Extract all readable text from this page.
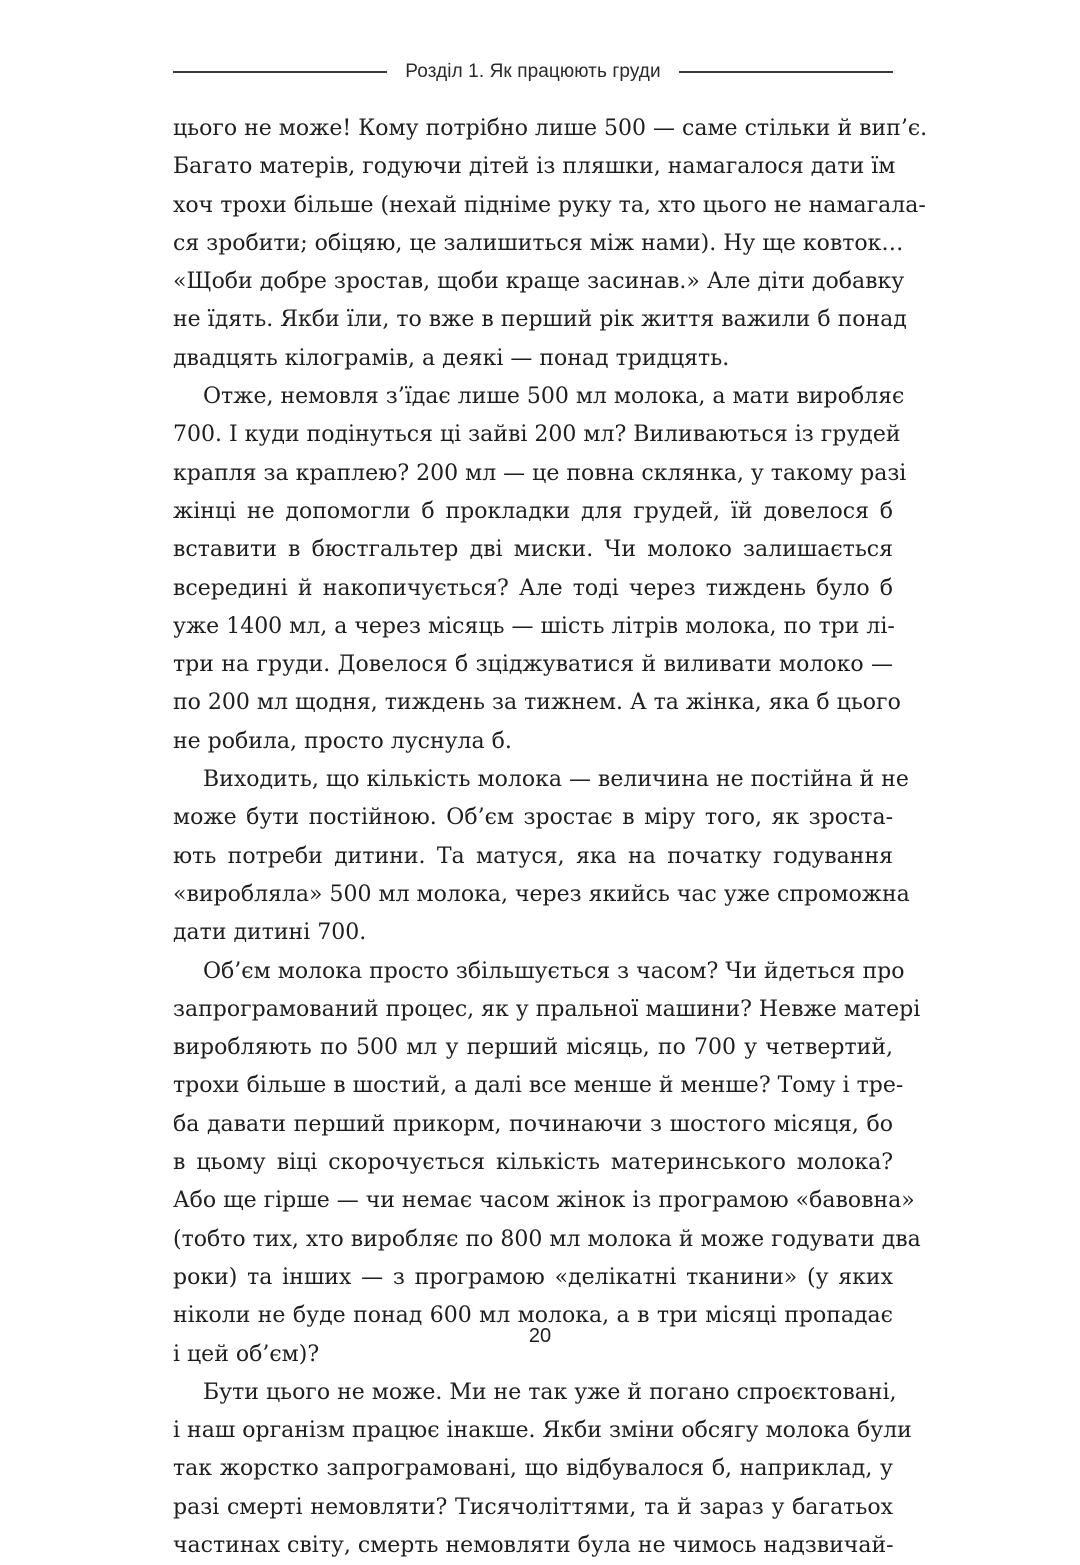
Розділ 1. Як працюють груди
цього не може! Кому потрібно лише 500 — саме стільки й вип’є.
Багато матерів, годуючи дітей із пляшки, намагалося дати їм
хоч трохи більше (нехай підніме руку та, хто цього не намагала-
ся зробити; обіцяю, це залишиться між нами). Ну ще ковток…
«Щоби добре зростав, щоби краще засинав.» Але діти добавку
не їдять. Якби їли, то вже в перший рік життя важили б понад
двадцять кілограмів, а деякі — понад тридцять.
Отже, немовля з’їдає лише 500 мл молока, а мати виробляє
700. І куди подінуться ці зайві 200 мл? Виливаються із грудей
крапля за краплею? 200 мл — це повна склянка, у такому разі
жінці не допомогли б прокладки для грудей, їй довелося б
вставити в бюстгальтер дві миски. Чи молоко залишається
всередині й накопичується? Але тоді через тиждень було б
уже 1400 мл, а через місяць — шість літрів молока, по три лі-
три на груди. Довелося б зціджуватися й виливати молоко —
по 200 мл щодня, тиждень за тижнем. А та жінка, яка б цього
не робила, просто луснула б.
Виходить, що кількість молока — величина не постійна й не
може бути постійною. Об’єм зростає в міру того, як зроста-
ють потреби дитини. Та матуся, яка на початку годування
«виробляла» 500 мл молока, через якийсь час уже спроможна
дати дитині 700.
Об’єм молока просто збільшується з часом? Чи йдеться про
запрограмований процес, як у пральної машини? Невже матері
виробляють по 500 мл у перший місяць, по 700 у четвертий,
трохи більше в шостий, а далі все менше й менше? Тому і тре-
ба давати перший прикорм, починаючи з шостого місяця, бо
в цьому віці скорочується кількість материнського молока?
Або ще гірше — чи немає часом жінок із програмою «бавовна»
(тобто тих, хто виробляє по 800 мл молока й може годувати два
роки) та інших — з програмою «делікатні тканини» (у яких
ніколи не буде понад 600 мл молока, а в три місяці пропадає
і цей об’єм)?
Бути цього не може. Ми не так уже й погано спроєктовані,
і наш організм працює інакше. Якби зміни обсягу молока були
так жорстко запрограмовані, що відбувалося б, наприклад, у
разі смерті немовляти? Тисячоліттями, та й зараз у багатьох
частинах світу, смерть немовляти була не чимось надзвичай-
20
